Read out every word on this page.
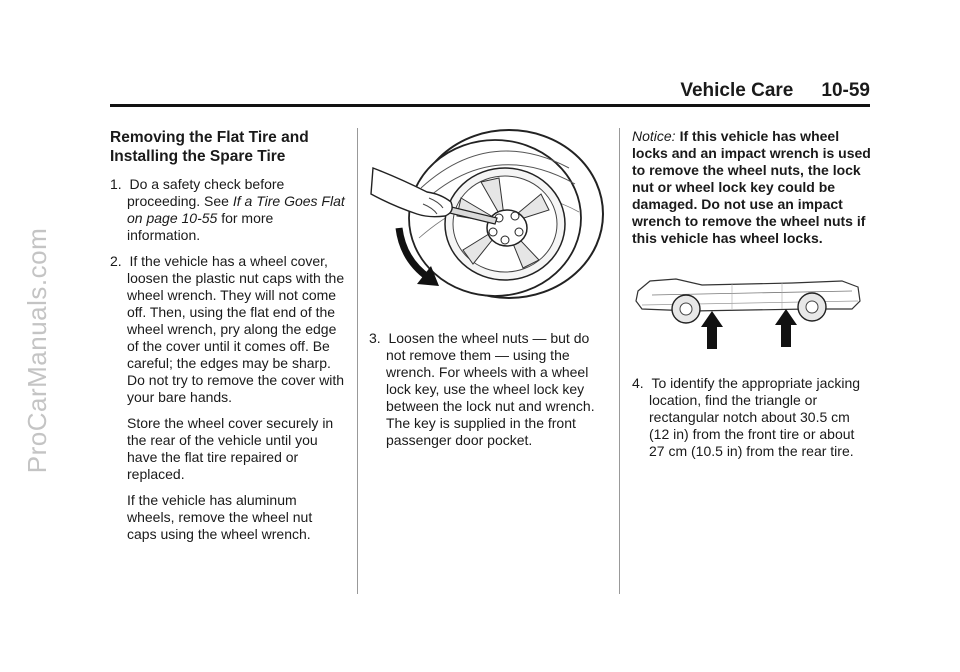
ProCarManuals.com
Vehicle Care 10-59
Removing the Flat Tire and Installing the Spare Tire
1. Do a safety check before proceeding. See If a Tire Goes Flat on page 10-55 for more information.
2. If the vehicle has a wheel cover, loosen the plastic nut caps with the wheel wrench. They will not come off. Then, using the flat end of the wheel wrench, pry along the edge of the cover until it comes off. Be careful; the edges may be sharp. Do not try to remove the cover with your bare hands.
Store the wheel cover securely in the rear of the vehicle until you have the flat tire repaired or replaced.
If the vehicle has aluminum wheels, remove the wheel nut caps using the wheel wrench.
3. Loosen the wheel nuts — but do not remove them — using the wrench. For wheels with a wheel lock key, use the wheel lock key between the lock nut and wrench. The key is supplied in the front passenger door pocket.

Notice: If this vehicle has wheel locks and an impact wrench is used to remove the wheel nuts, the lock nut or wheel lock key could be damaged. Do not use an impact wrench to remove the wheel nuts if this vehicle has wheel locks.

4. To identify the appropriate jacking location, find the triangle or rectangular notch about 30.5 cm (12 in) from the front tire or about 27 cm (10.5 in) from the rear tire.
